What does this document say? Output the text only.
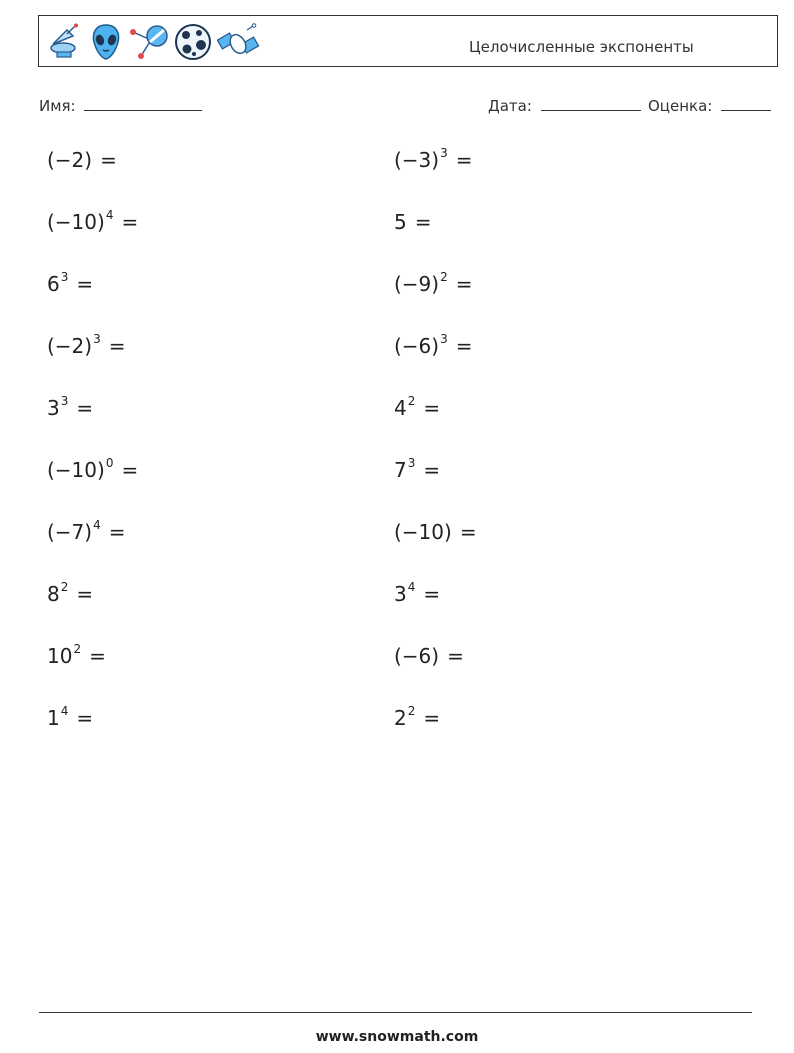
Целочисленные экспоненты
Имя:	Дата:	Оценка:
(−2) =	$(-3)^3$ =
$(-10)^4$ =	5 =
$6^3$ =	$(-9)^2$ =
$(-2)^3$ =	$(-6)^3$ =
$3^3$ =	$4^2$ =
$(-10)^0$ =	$7^3$ =
$(-7)^4$ =	(−10) =
$8^2$ =	$3^4$ =
$10^2$ =	(−6) =
$1^4$ =	$2^2$ =
www.snowmath.com
